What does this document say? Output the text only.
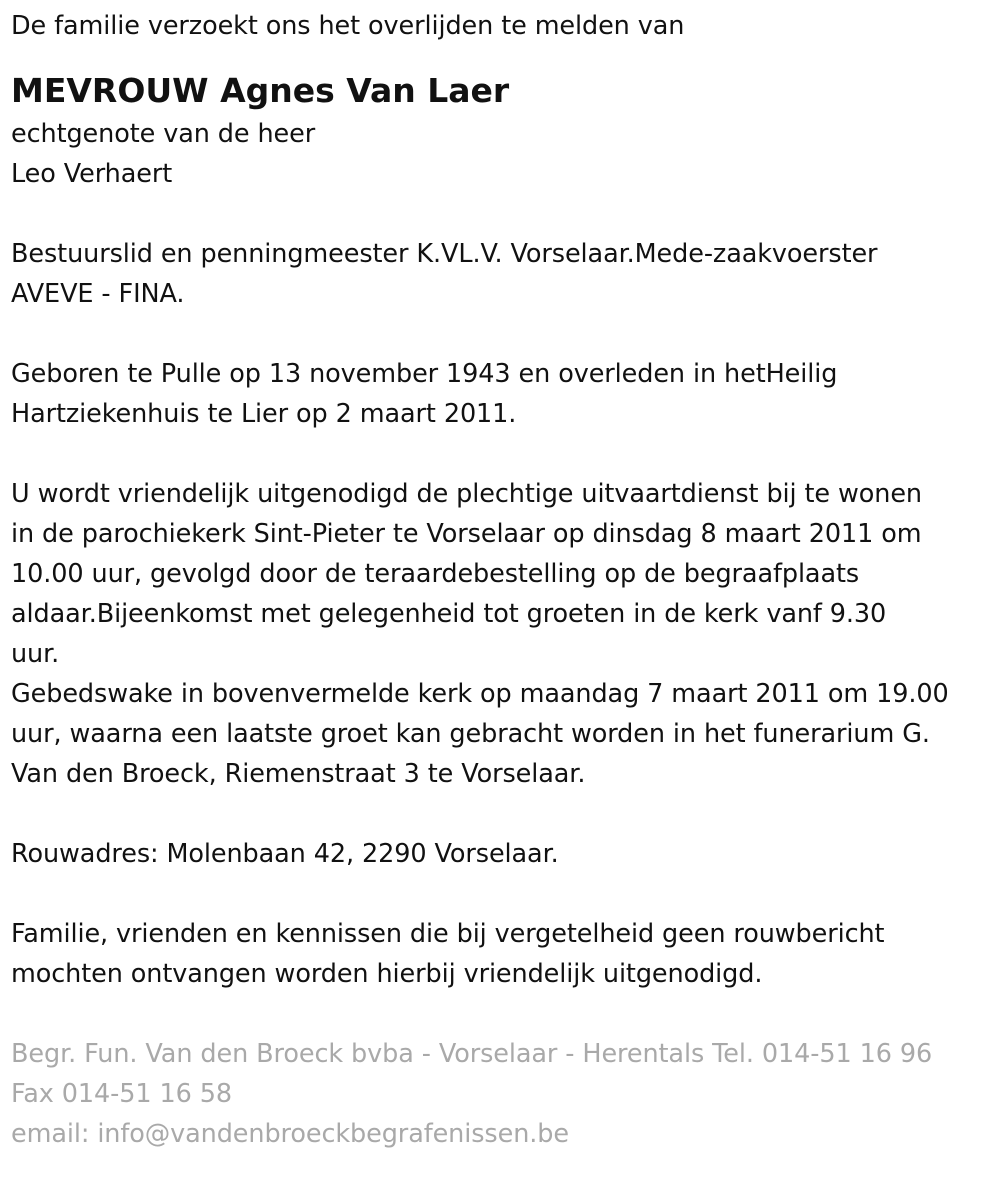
De familie verzoekt ons het overlijden te melden van

MEVROUW Agnes Van Laer

echtgenote van de heer

Leo Verhaert

Bestuurslid en penningmeester K.VL.V. Vorselaar.Mede-zaakvoerster

AVEVE - FINA.

Geboren te Pulle op 13 november 1943 en overleden in hetHeilig

Hartziekenhuis te Lier op 2 maart 2011.

U wordt vriendelijk uitgenodigd de plechtige uitvaartdienst bij te wonen

in de parochiekerk Sint-Pieter te Vorselaar op dinsdag 8 maart 2011 om

10.00 uur, gevolgd door de teraardebestelling op de begraafplaats

aldaar.Bijeenkomst met gelegenheid tot groeten in de kerk vanf 9.30

uur.

Gebedswake in bovenvermelde kerk op maandag 7 maart 2011 om 19.00

uur, waarna een laatste groet kan gebracht worden in het funerarium G.

Van den Broeck, Riemenstraat 3 te Vorselaar.

Rouwadres: Molenbaan 42, 2290 Vorselaar.

Familie, vrienden en kennissen die bij vergetelheid geen rouwbericht

mochten ontvangen worden hierbij vriendelijk uitgenodigd.

Begr. Fun. Van den Broeck bvba - Vorselaar - Herentals Tel. 014-51 16 96

Fax 014-51 16 58

email: info@vandenbroeckbegrafenissen.be
